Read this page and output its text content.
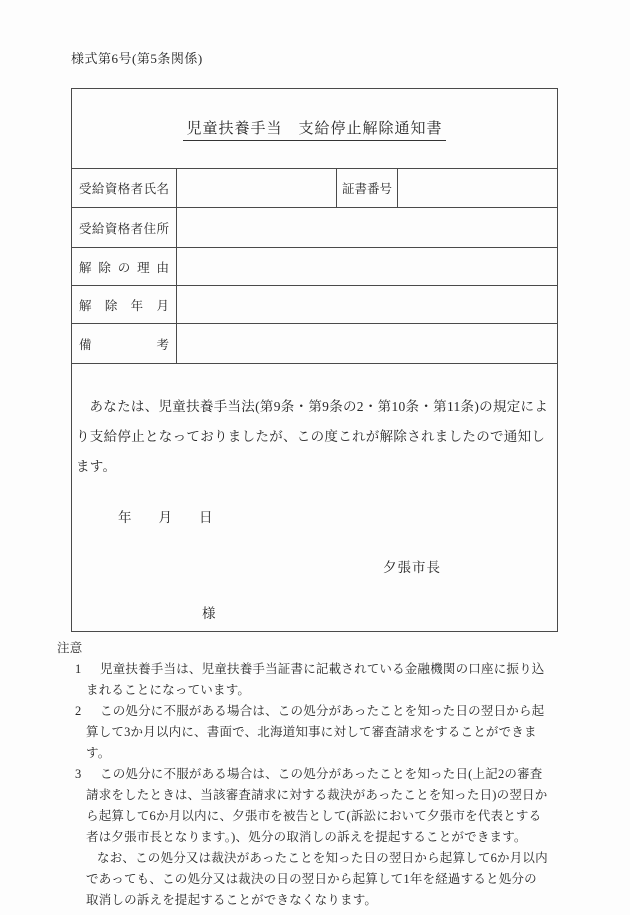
様式第6号(第5条関係)
児童扶養手当　支給停止解除通知書
受給資格者氏名	証書番号
受給資格者住所
解除の理由
解除年月
備考

あなたは、児童扶養手当法(第9条・第9条の2・第10条・第11条)の規定により支給停止となっておりましたが、この度これが解除されましたので通知します。

年　　月　　日
夕張市長
様
注意
1 児童扶養手当は、児童扶養手当証書に記載されている金融機関の口座に振り込まれることになっています。
2 この処分に不服がある場合は、この処分があったことを知った日の翌日から起算して3か月以内に、書面で、北海道知事に対して審査請求をすることができます。
3 この処分に不服がある場合は、この処分があったことを知った日(上記2の審査請求をしたときは、当該審査請求に対する裁決があったことを知った日)の翌日から起算して6か月以内に、夕張市を被告として(訴訟において夕張市を代表とする者は夕張市長となります。)、処分の取消しの訴えを提起することができます。
なお、この処分又は裁決があったことを知った日の翌日から起算して6か月以内であっても、この処分又は裁決の日の翌日から起算して1年を経過すると処分の取消しの訴えを提起することができなくなります。
